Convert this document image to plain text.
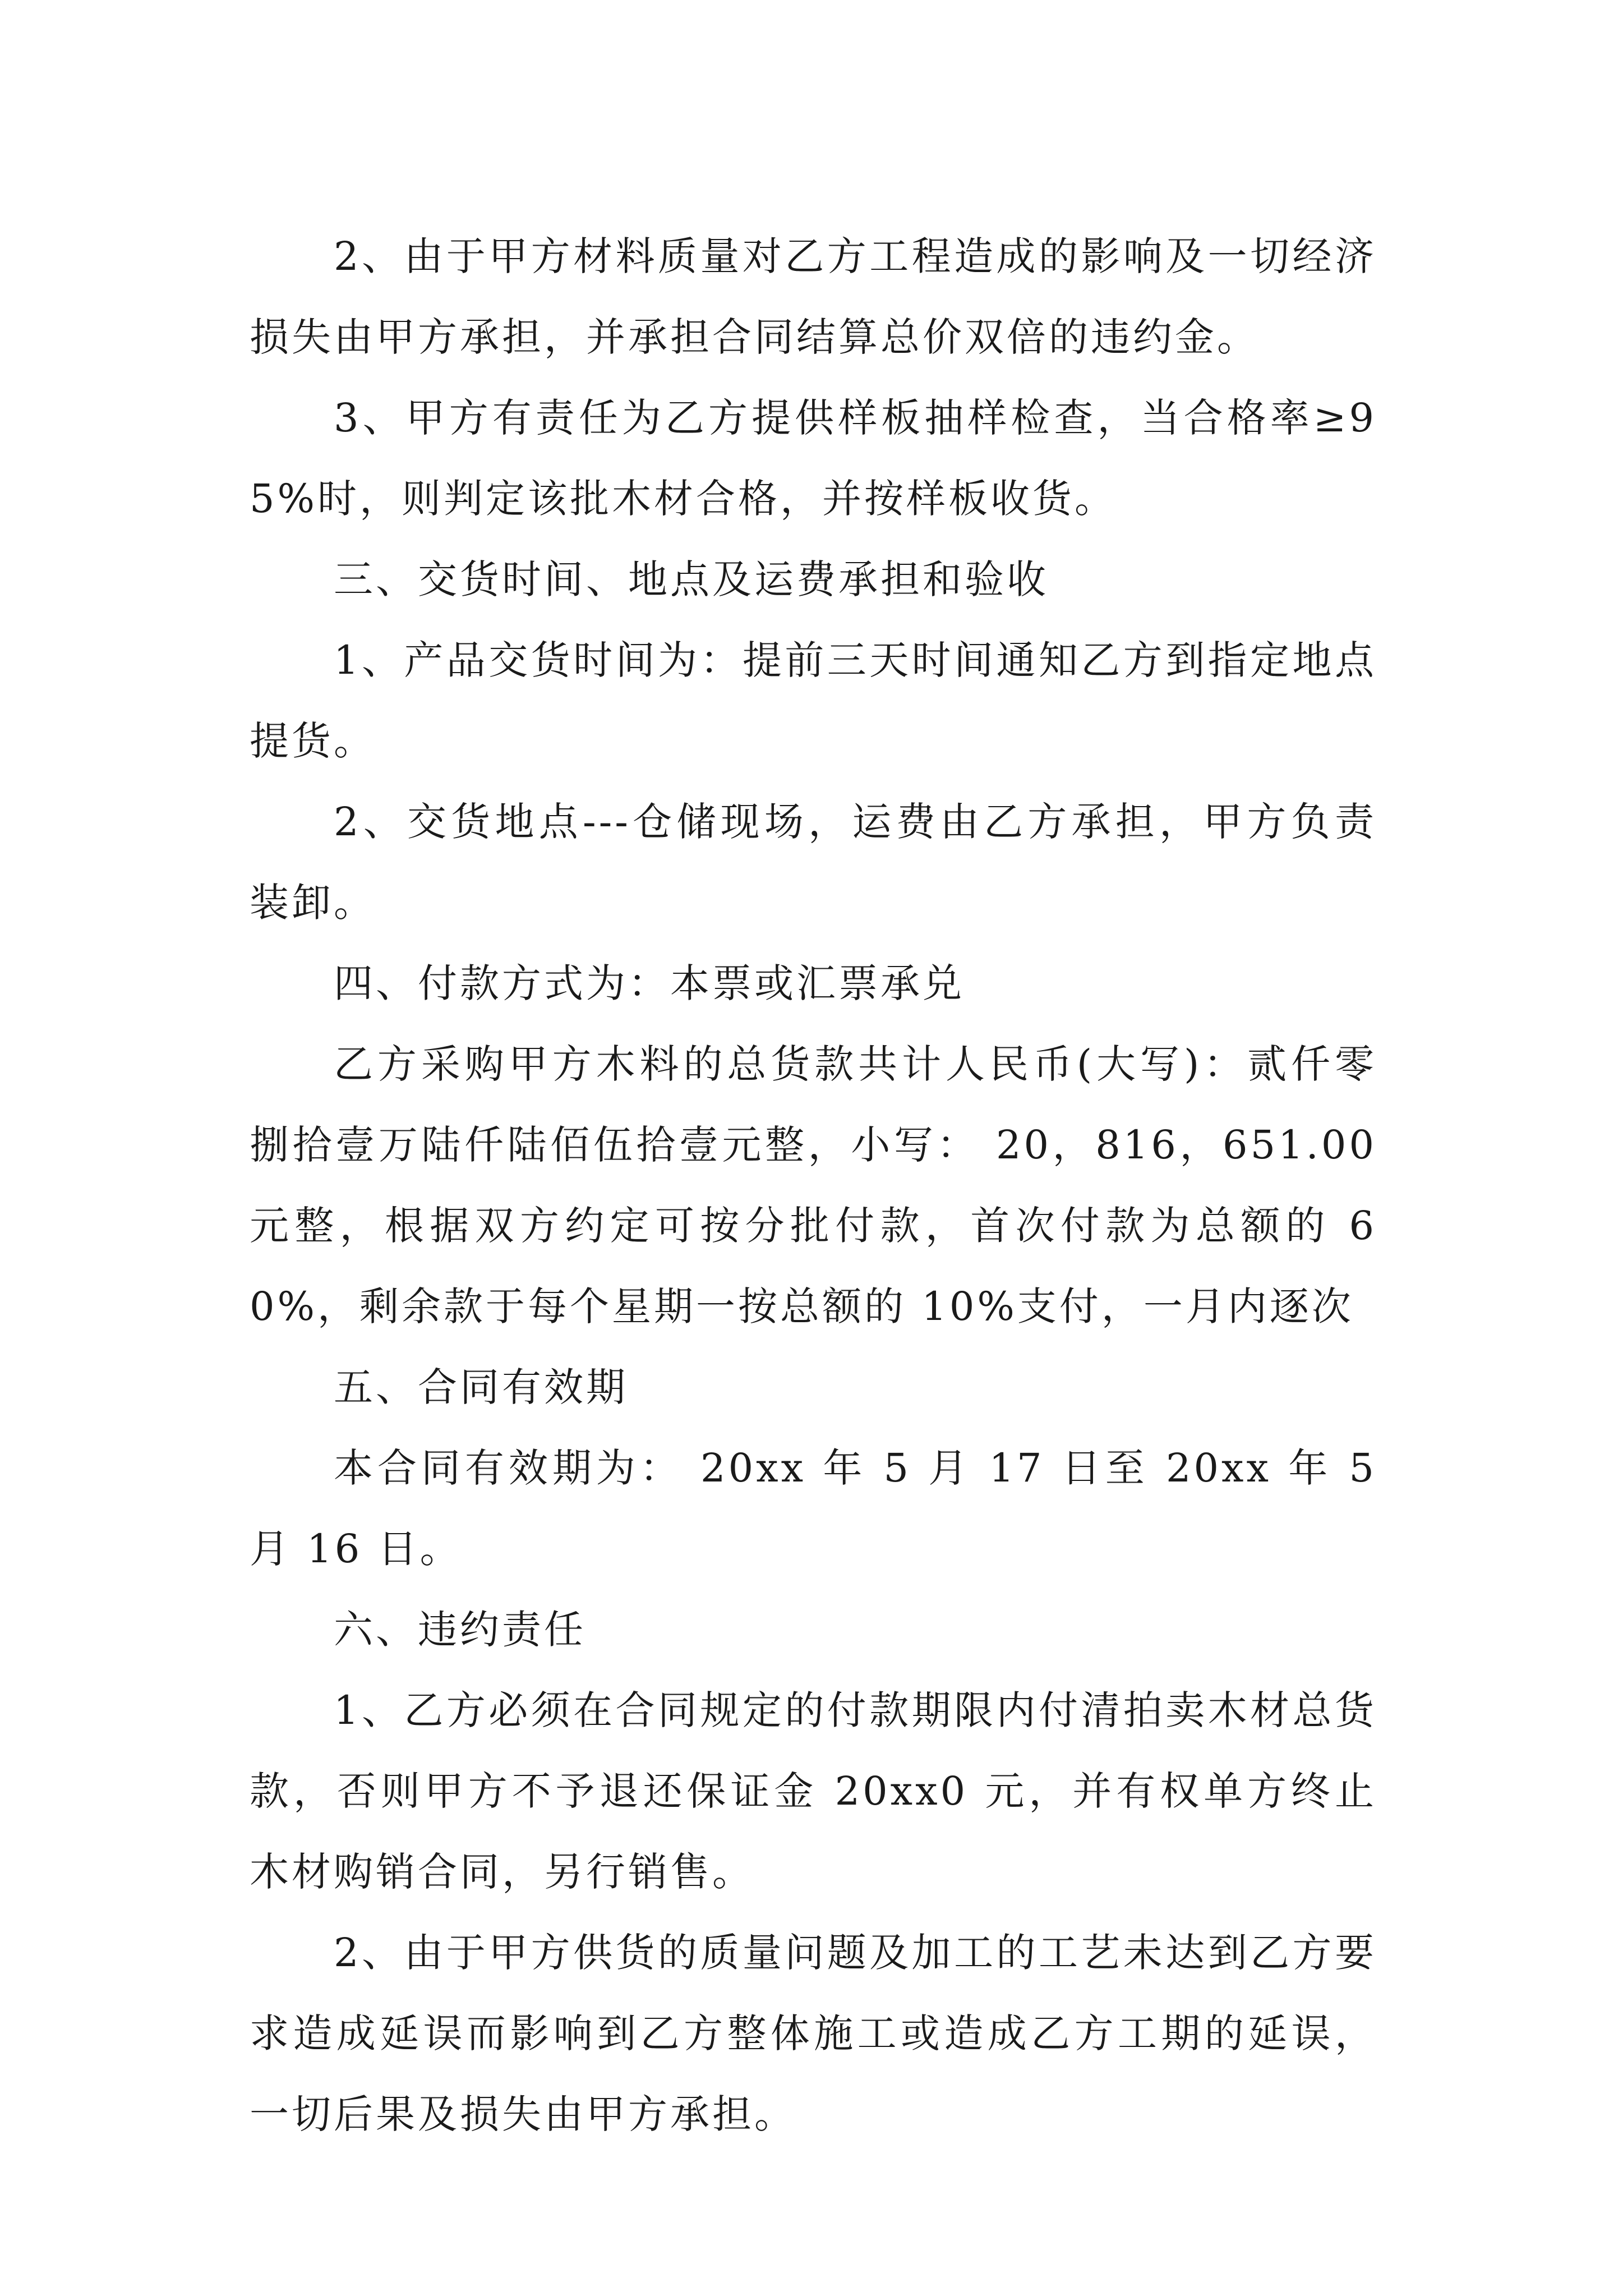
2、由于甲方材料质量对乙方工程造成的影响及一切经济损失由甲方承担，并承担合同结算总价双倍的违约金。

3、甲方有责任为乙方提供样板抽样检查，当合格率≥95%时，则判定该批木材合格，并按样板收货。

三、交货时间、地点及运费承担和验收

1、产品交货时间为：提前三天时间通知乙方到指定地点提货。

2、交货地点---仓储现场，运费由乙方承担，甲方负责装卸。

四、付款方式为：本票或汇票承兑

乙方采购甲方木料的总货款共计人民币(大写)：贰仟零捌拾壹万陆仟陆佰伍拾壹元整，小写： 20，816，651.00 元整，根据双方约定可按分批付款，首次付款为总额的 60%，剩余款于每个星期一按总额的 10%支付，一月内逐次

五、合同有效期

本合同有效期为： 20xx 年 5 月 17 日至 20xx 年 5 月 16 日。

六、违约责任

1、乙方必须在合同规定的付款期限内付清拍卖木材总货款，否则甲方不予退还保证金 20xx0 元，并有权单方终止木材购销合同，另行销售。

2、由于甲方供货的质量问题及加工的工艺未达到乙方要求造成延误而影响到乙方整体施工或造成乙方工期的延误，一切后果及损失由甲方承担。
